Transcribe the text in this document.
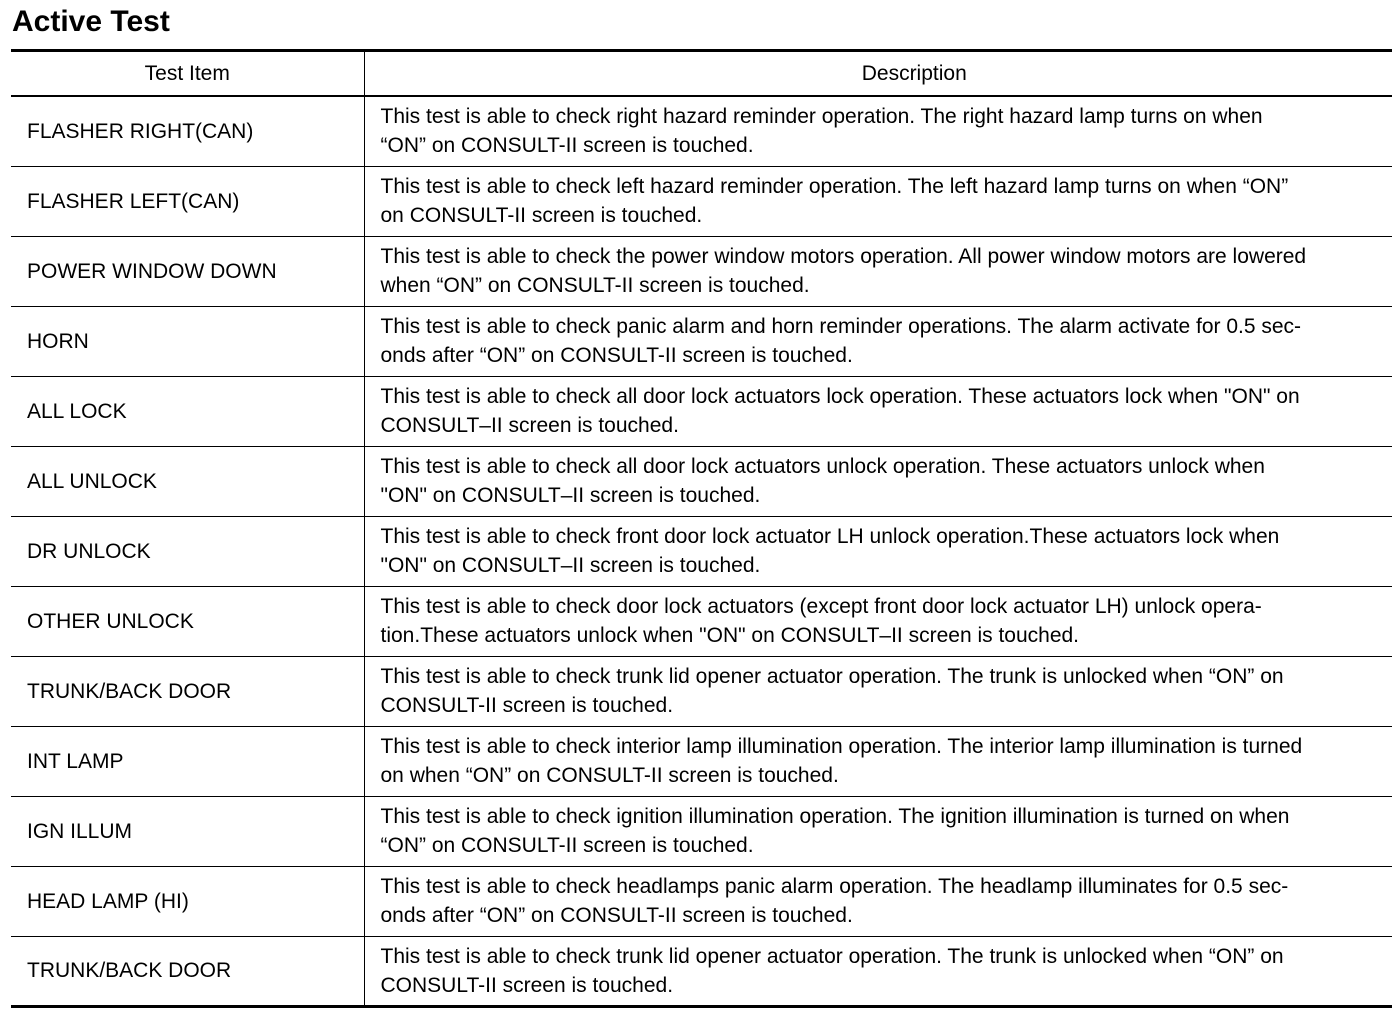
Active Test
Test Item	Description
FLASHER RIGHT(CAN)	This test is able to check right hazard reminder operation. The right hazard lamp turns on when
“ON” on CONSULT-II screen is touched.

FLASHER LEFT(CAN)	This test is able to check left hazard reminder operation. The left hazard lamp turns on when “ON”
on CONSULT-II screen is touched.

POWER WINDOW DOWN	This test is able to check the power window motors operation. All power window motors are lowered
when “ON” on CONSULT-II screen is touched.

HORN	This test is able to check panic alarm and horn reminder operations. The alarm activate for 0.5 sec-
onds after “ON” on CONSULT-II screen is touched.

ALL LOCK	This test is able to check all door lock actuators lock operation. These actuators lock when "ON" on
CONSULT–II screen is touched.

ALL UNLOCK	This test is able to check all door lock actuators unlock operation. These actuators unlock when
"ON" on CONSULT–II screen is touched.

DR UNLOCK	This test is able to check front door lock actuator LH unlock operation.These actuators lock when
"ON" on CONSULT–II screen is touched.

OTHER UNLOCK	This test is able to check door lock actuators (except front door lock actuator LH) unlock opera-
tion.These actuators unlock when "ON" on CONSULT–II screen is touched.

TRUNK/BACK DOOR	This test is able to check trunk lid opener actuator operation. The trunk is unlocked when “ON” on
CONSULT-II screen is touched.

INT LAMP	This test is able to check interior lamp illumination operation. The interior lamp illumination is turned
on when “ON” on CONSULT-II screen is touched.

IGN ILLUM	This test is able to check ignition illumination operation. The ignition illumination is turned on when
“ON” on CONSULT-II screen is touched.

HEAD LAMP (HI)	This test is able to check headlamps panic alarm operation. The headlamp illuminates for 0.5 sec-
onds after “ON” on CONSULT-II screen is touched.

TRUNK/BACK DOOR	This test is able to check trunk lid opener actuator operation. The trunk is unlocked when “ON” on
CONSULT-II screen is touched.
